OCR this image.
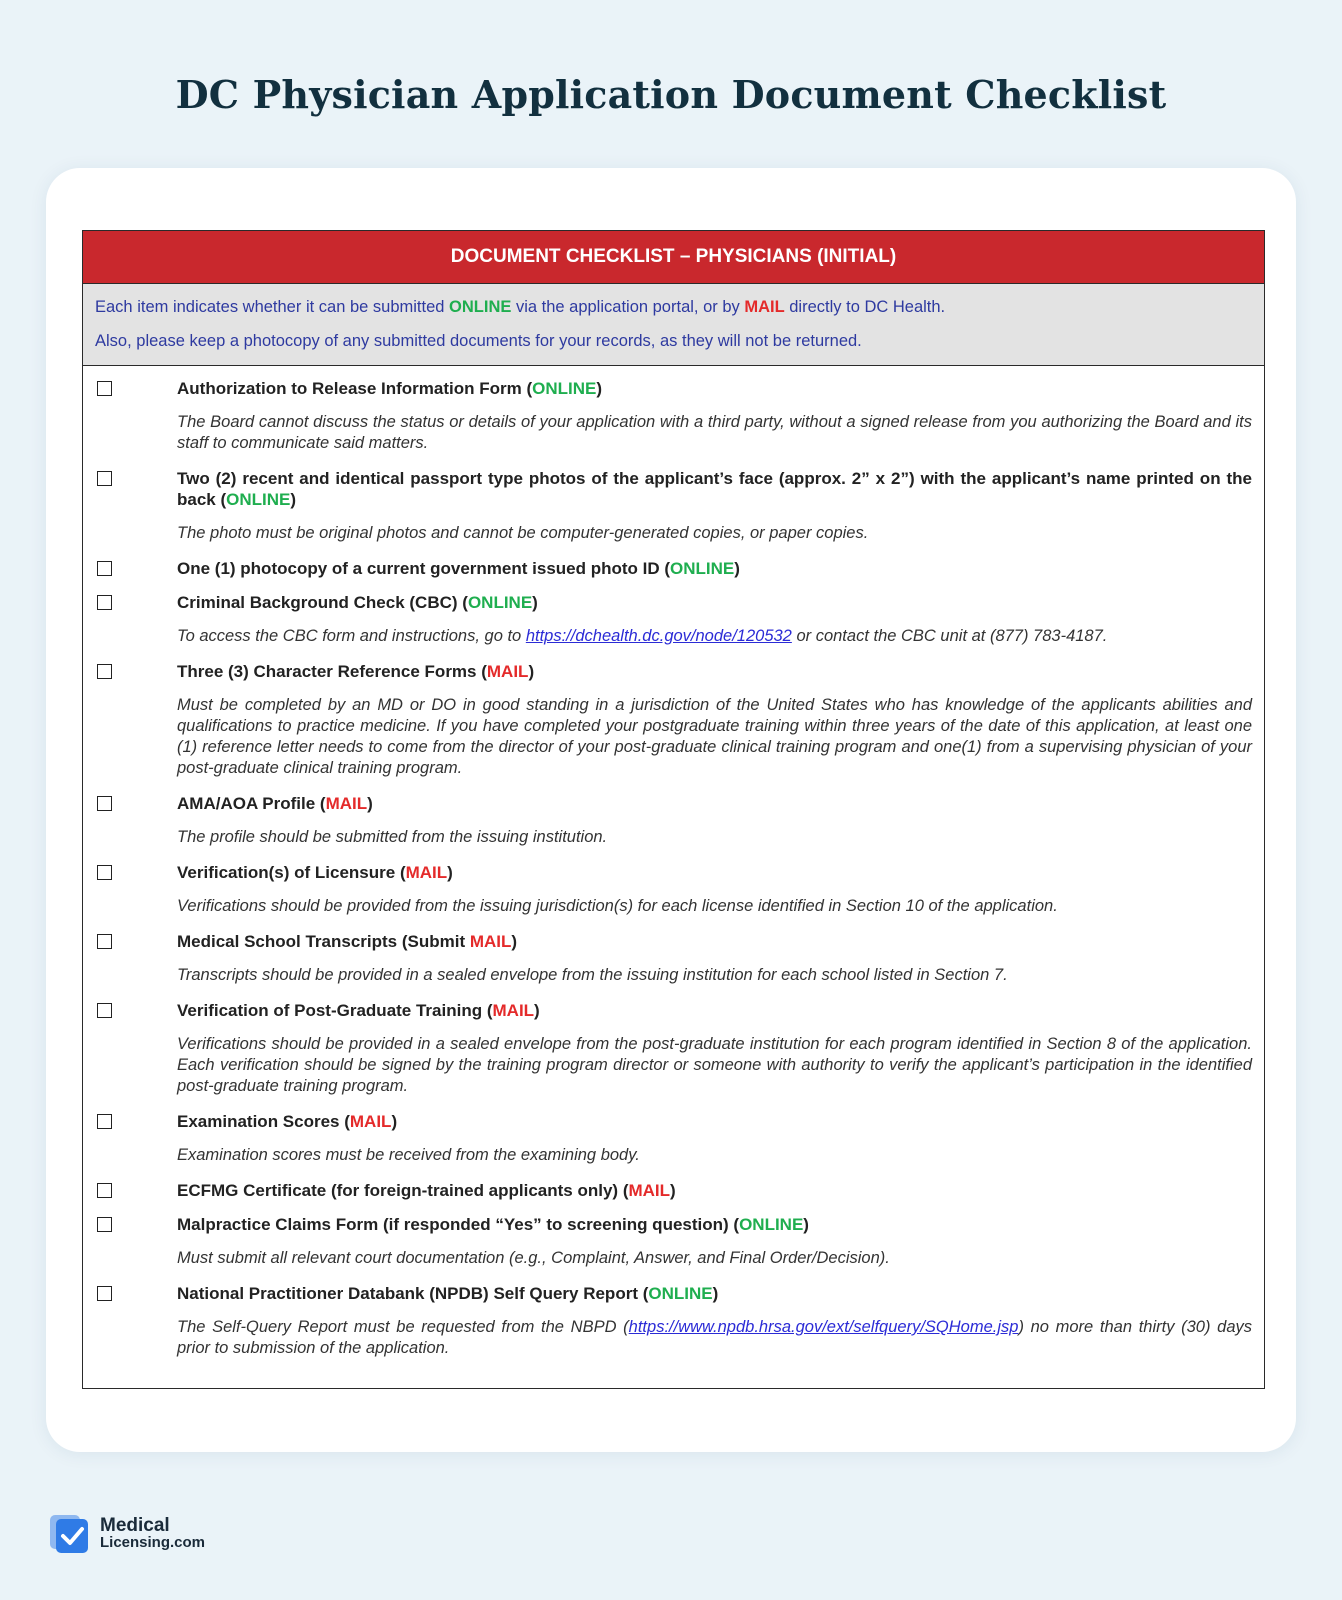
DC Physician Application Document Checklist
DOCUMENT CHECKLIST – PHYSICIANS (INITIAL)

Each item indicates whether it can be submitted ONLINE via the application portal, or by MAIL directly to DC Health.

Also, please keep a photocopy of any submitted documents for your records, as they will not be returned.

Authorization to Release Information Form (ONLINE)
The Board cannot discuss the status or details of your application with a third party, without a signed release from you authorizing the Board and its staff to communicate said matters.
Two (2) recent and identical passport type photos of the applicant’s face (approx. 2” x 2”) with the applicant’s name printed on the back (ONLINE)
The photo must be original photos and cannot be computer-generated copies, or paper copies.
One (1) photocopy of a current government issued photo ID (ONLINE)
Criminal Background Check (CBC) (ONLINE)
To access the CBC form and instructions, go to https://dchealth.dc.gov/node/120532 or contact the CBC unit at (877) 783-4187.
Three (3) Character Reference Forms (MAIL)
Must be completed by an MD or DO in good standing in a jurisdiction of the United States who has knowledge of the applicants abilities and qualifications to practice medicine. If you have completed your postgraduate training within three years of the date of this application, at least one (1) reference letter needs to come from the director of your post-graduate clinical training program and one(1) from a supervising physician of your post-graduate clinical training program.
AMA/AOA Profile (MAIL)
The profile should be submitted from the issuing institution.
Verification(s) of Licensure (MAIL)
Verifications should be provided from the issuing jurisdiction(s) for each license identified in Section 10 of the application.
Medical School Transcripts (Submit MAIL)
Transcripts should be provided in a sealed envelope from the issuing institution for each school listed in Section 7.
Verification of Post-Graduate Training (MAIL)
Verifications should be provided in a sealed envelope from the post-graduate institution for each program identified in Section 8 of the application. Each verification should be signed by the training program director or someone with authority to verify the applicant’s participation in the identified post-graduate training program.
Examination Scores (MAIL)
Examination scores must be received from the examining body.
ECFMG Certificate (for foreign-trained applicants only) (MAIL)
Malpractice Claims Form (if responded “Yes” to screening question) (ONLINE)
Must submit all relevant court documentation (e.g., Complaint, Answer, and Final Order/Decision).
National Practitioner Databank (NPDB) Self Query Report (ONLINE)
The Self-Query Report must be requested from the NBPD (https://www.npdb.hrsa.gov/ext/selfquery/SQHome.jsp) no more than thirty (30) days prior to submission of the application.
Medical
Licensing.com
